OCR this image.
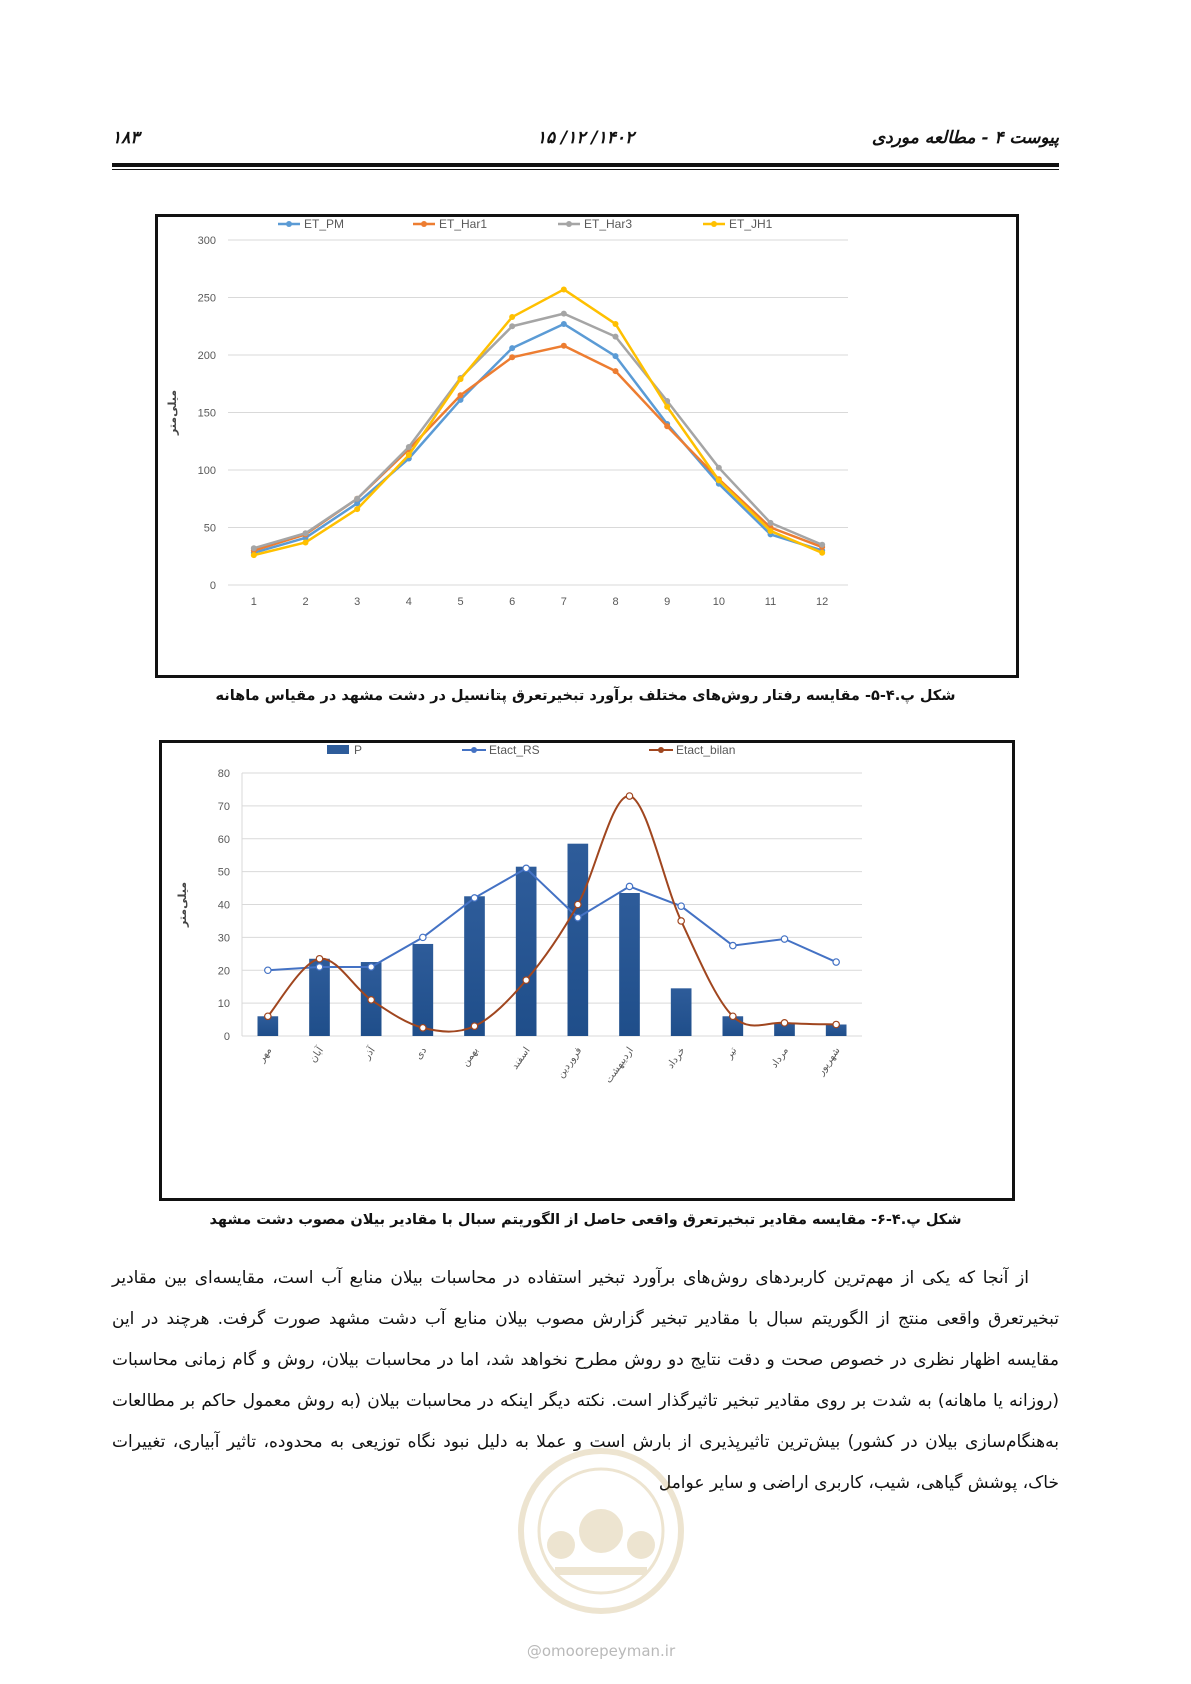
پیوست ۴ - مطالعه موردی
۱۴۰۲/ ۱۲/ ۱۵
۱۸۳
0
50
100
150
200
250
300
1	2	3	4	5	6	7	8	9	10	11	12
میلی‌متر
ET_PM	ET_Har1	ET_Har3	ET_JH1
شکل پ.۴-۵- مقایسه رفتار روش‌های مختلف برآورد تبخیرتعرق پتانسیل در دشت مشهد در مقیاس ماهانه
0
10
20
30
40
50
60
70
80
میلی‌متر
مهر	آبان	آذر	دی	بهمن	اسفند فروردین اردیبهشت	خرداد	تیر	مرداد شهریور
P	Etact_RS	Etact_bilan
شکل پ.۴-۶- مقایسه مقادیر تبخیرتعرق واقعی حاصل از الگوریتم سبال با مقادیر بیلان مصوب دشت مشهد

از آنجا که یکی از مهم‌ترین کاربردهای روش‌های برآورد تبخیر استفاده در محاسبات بیلان منابع آب است، مقایسه‌ای بین مقادیر تبخیرتعرق واقعی منتج از الگوریتم سبال با مقادیر تبخیر گزارش مصوب بیلان منابع آب دشت مشهد صورت گرفت. هرچند در این مقایسه اظهار نظری در خصوص صحت و دقت نتایج دو روش مطرح نخواهد شد، اما در محاسبات بیلان، روش و گام زمانی محاسبات (روزانه یا ماهانه) به شدت بر روی مقادیر تبخیر تاثیرگذار است. نکته دیگر اینکه در محاسبات بیلان (به روش معمول حاکم بر مطالعات به‌هنگام‌سازی بیلان در کشور) بیش‌ترین تاثیرپذیری از بارش است و عملا به دلیل نبود نگاه توزیعی به محدوده، تاثیر آبیاری، تغییرات خاک، پوشش گیاهی، شیب، کاربری اراضی و سایر عوامل

@omoorepeyman.ir
